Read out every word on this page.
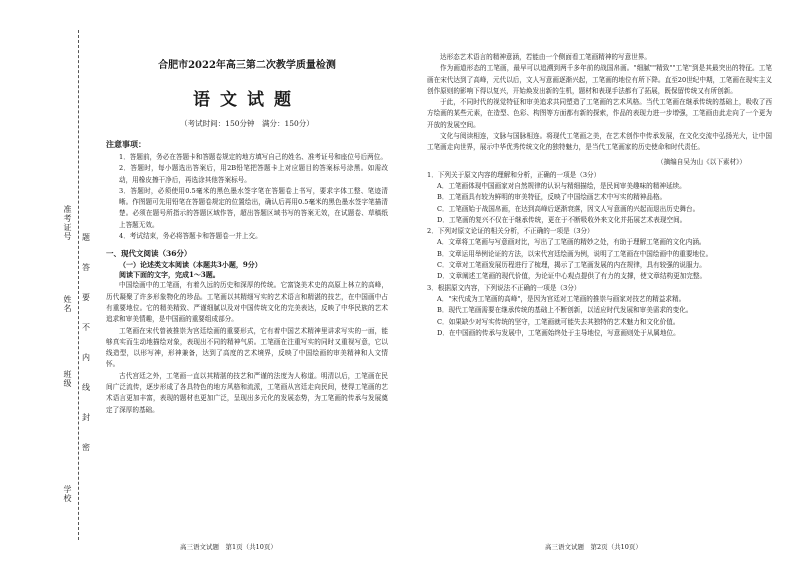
准考证号
姓名
班级
学校
题
答
要
不
内
线
封
密
合肥市2022年高三第二次教学质量检测
语文试题
（考试时间：150分钟　满分：150分）
注意事项：

1．答题前，务必在答题卡和答题卷规定的地方填写自己的姓名、准考证号和座位号后两位。

2．答题时，每小题选出答案后，用2B铅笔把答题卡上对应题目的答案标号涂黑。如需改动，用橡皮擦干净后，再选涂其他答案标号。

3．答题时，必须使用0.5毫米的黑色墨水签字笔在答题卷上书写，要求字体工整、笔迹清晰。作图题可先用铅笔在答题卷规定的位置绘出，确认后再用0.5毫米的黑色墨水签字笔描清楚。必须在题号所指示的答题区域作答，超出答题区域书写的答案无效，在试题卷、草稿纸上答题无效。

4．考试结束，务必将答题卡和答题卷一并上交。

一、现代文阅读（36分）
（一）论述类文本阅读（本题共3小题，9分）
阅读下面的文字，完成1～3题。

中国绘画中的工笔画，有着久远的历史和深厚的传统。它富饶美术史的高原上林立的高峰，历代凝聚了许多形象物化的珍品。工笔画以其精细写实的艺术语言和精湛的技艺，在中国画中占有重要地位。它的精美精致、严谨细腻以及对中国传统文化的完美表达，反映了中华民族的艺术追求和审美情趣，是中国画的重要组成部分。

工笔画在宋代曾被推崇为宫廷绘画的重要形式，它有着中国艺术精神里讲求写实的一面，能够真实而生动地描绘对象，表现出不同的精神气质。工笔画在注重写实的同时又重视写意，它以线造型，以形写神，形神兼备，达到了高度的艺术境界，反映了中国绘画的审美精神和人文情怀。

古代宫廷之外，工笔画一直以其精湛的技艺和严谨的法度为人称道。明清以后，工笔画在民间广泛流传，逐步形成了各具特色的地方风格和流派，工笔画从宫廷走向民间，使得工笔画的艺术语言更加丰富，表现的题材也更加广泛，呈现出多元化的发展态势，为工笔画的传承与发展奠定了深厚的基础。

高三语文试题　第1页（共10页）

达形态艺术语言的精神意涵，若能由一个侧面看工笔画精神的写意世界。

作为画道形态的工笔画，最早可以追溯到两千多年前的战国帛画。"细腻""精致""工笔"到是其最突出的特征。工笔画在宋代达到了高峰，元代以后，文人写意画逐渐兴起，工笔画的地位有所下降。直至20世纪中期，工笔画在现实主义创作原则的影响下得以复兴，开始焕发出新的生机，题材和表现手法都有了拓展，既保留传统又有所创新。

于此，不同时代的视觉特征和审美追求共同塑造了工笔画的艺术风格。当代工笔画在继承传统的基础上，吸收了西方绘画的某些元素，在造型、色彩、构图等方面都有新的探索，作品的表现力进一步增强，工笔画由此走向了一个更为开放的发展空间。

文化与阅读相连，文脉与国脉相连。将现代工笔画之美，在艺术创作中传承发展，在文化交流中弘扬光大，让中国工笔画走向世界，展示中华优秀传统文化的独特魅力，是当代工笔画家的历史使命和时代责任。

（摘编自吴为山《以下素材》）

1．下列关于原文内容的理解和分析，正确的一项是（3分）

A．工笔画体现中国画家对自然规律的认识与精细描绘，是民间审美趣味的精神延续。

B．工笔画具有较为鲜明的审美特征，反映了中国绘画艺术中写实的精神品格。

C．工笔画始于战国帛画，在达到高峰后逐渐衰落，因文人写意画的兴起而退出历史舞台。

D．工笔画的复兴不仅在于继承传统，更在于不断吸收外来文化并拓展艺术表现空间。

2．下列对原文论证的相关分析，不正确的一项是（3分）

A．文章将工笔画与写意画对比，写出了工笔画的精妙之处，有助于理解工笔画的文化内涵。

B．文章运用举例论证的方法，以宋代宫廷绘画为例，说明了工笔画在中国绘画中的重要地位。

C．文章对工笔画发展历程进行了梳理，揭示了工笔画发展的内在规律，具有较强的说服力。

D．文章阐述工笔画的现代价值，为论证中心观点提供了有力的支撑，使文章结构更加完整。

3．根据原文内容，下列说法不正确的一项是（3分）

A．"宋代成为工笔画的高峰"，是因为宫廷对工笔画的推崇与画家对技艺的精益求精。

B．现代工笔画需要在继承传统的基础上不断创新，以适应时代发展和审美需求的变化。

C．如果缺少对写实传统的坚守，工笔画就可能失去其独特的艺术魅力和文化价值。

D．在中国画的传承与发展中，工笔画始终处于主导地位，写意画则处于从属地位。

高三语文试题　第2页（共10页）
